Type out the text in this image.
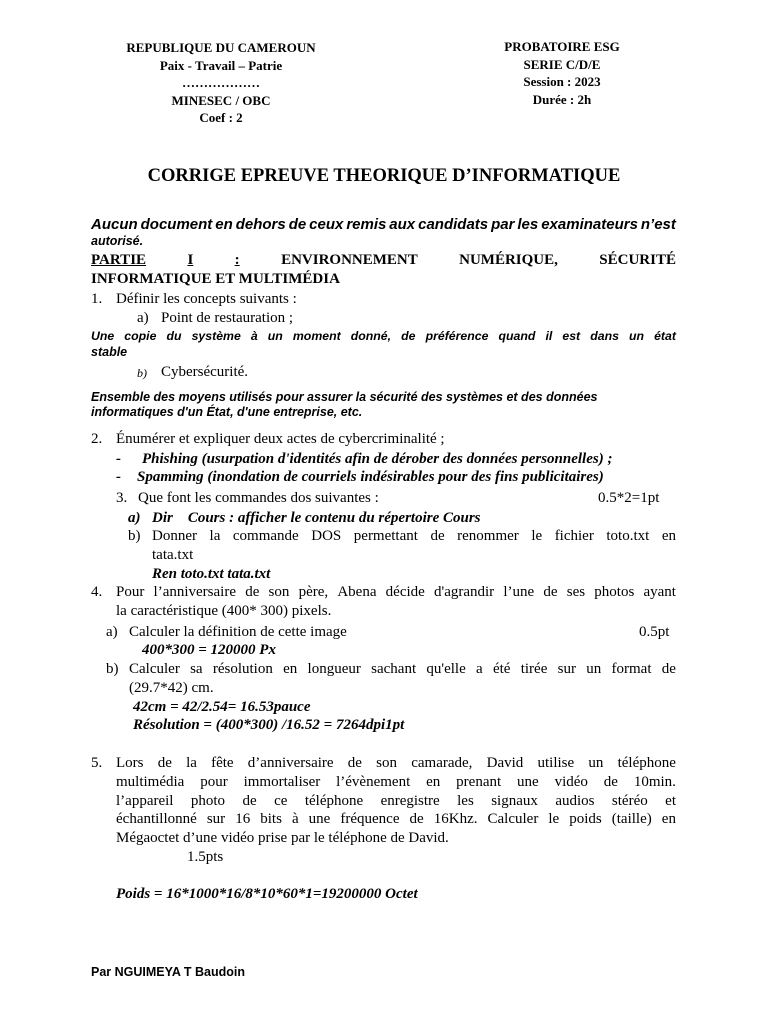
REPUBLIQUE DU CAMEROUN
Paix - Travail – Patrie
………………
MINESEC / OBC
Coef : 2
PROBATOIRE ESG
SERIE C/D/E
Session : 2023
Durée : 2h
CORRIGE EPREUVE THEORIQUE D’INFORMATIQUE
Aucun document en dehors de ceux remis aux candidats par les examinateurs n’est
autorisé.
PARTIE	I	:	ENVIRONNEMENT	NUMÉRIQUE,	SÉCURITÉ
INFORMATIQUE ET MULTIMÉDIA
1. Définir les concepts suivants :
a) Point de restauration ;
Une copie du système à un moment donné, de préférence quand il est dans un état
stable
b) Cybersécurité.
Ensemble des moyens utilisés pour assurer la sécurité des systèmes et des données
informatiques d'un État, d'une entreprise, etc.
2. Énumérer et expliquer deux actes de cybercriminalité ;
- Phishing (usurpation d'identités afin de dérober des données personnelles) ;
- Spamming (inondation de courriels indésirables pour des fins publicitaires)
3. Que font les commandes dos suivantes :	0.5*2=1pt
a) Dir    Cours : afficher le contenu du répertoire Cours
b) Donner la commande DOS permettant de renommer le fichier toto.txt en
tata.txt
Ren toto.txt tata.txt
4. Pour l’anniversaire de son père, Abena décide d'agrandir l’une de ses photos ayant
la caractéristique (400* 300) pixels.
a) Calculer la définition de cette image	0.5pt
400*300 = 120000 Px
b) Calculer sa résolution en longueur sachant qu'elle a été tirée sur un format de
(29.7*42) cm.
42cm = 42/2.54= 16.53pauce
Résolution = (400*300) /16.52 = 7264dpi1pt
5. Lors de la fête d’anniversaire de son camarade, David utilise un téléphone
multimédia pour immortaliser l’évènement en prenant une vidéo de 10min.
l’appareil photo de ce téléphone enregistre les signaux audios stéréo et
échantillonné sur 16 bits à une fréquence de 16Khz. Calculer le poids (taille) en
Mégaoctet d’une vidéo prise par le téléphone de David.
1.5pts
Poids = 16*1000*16/8*10*60*1=19200000 Octet
Par NGUIMEYA T Baudoin
